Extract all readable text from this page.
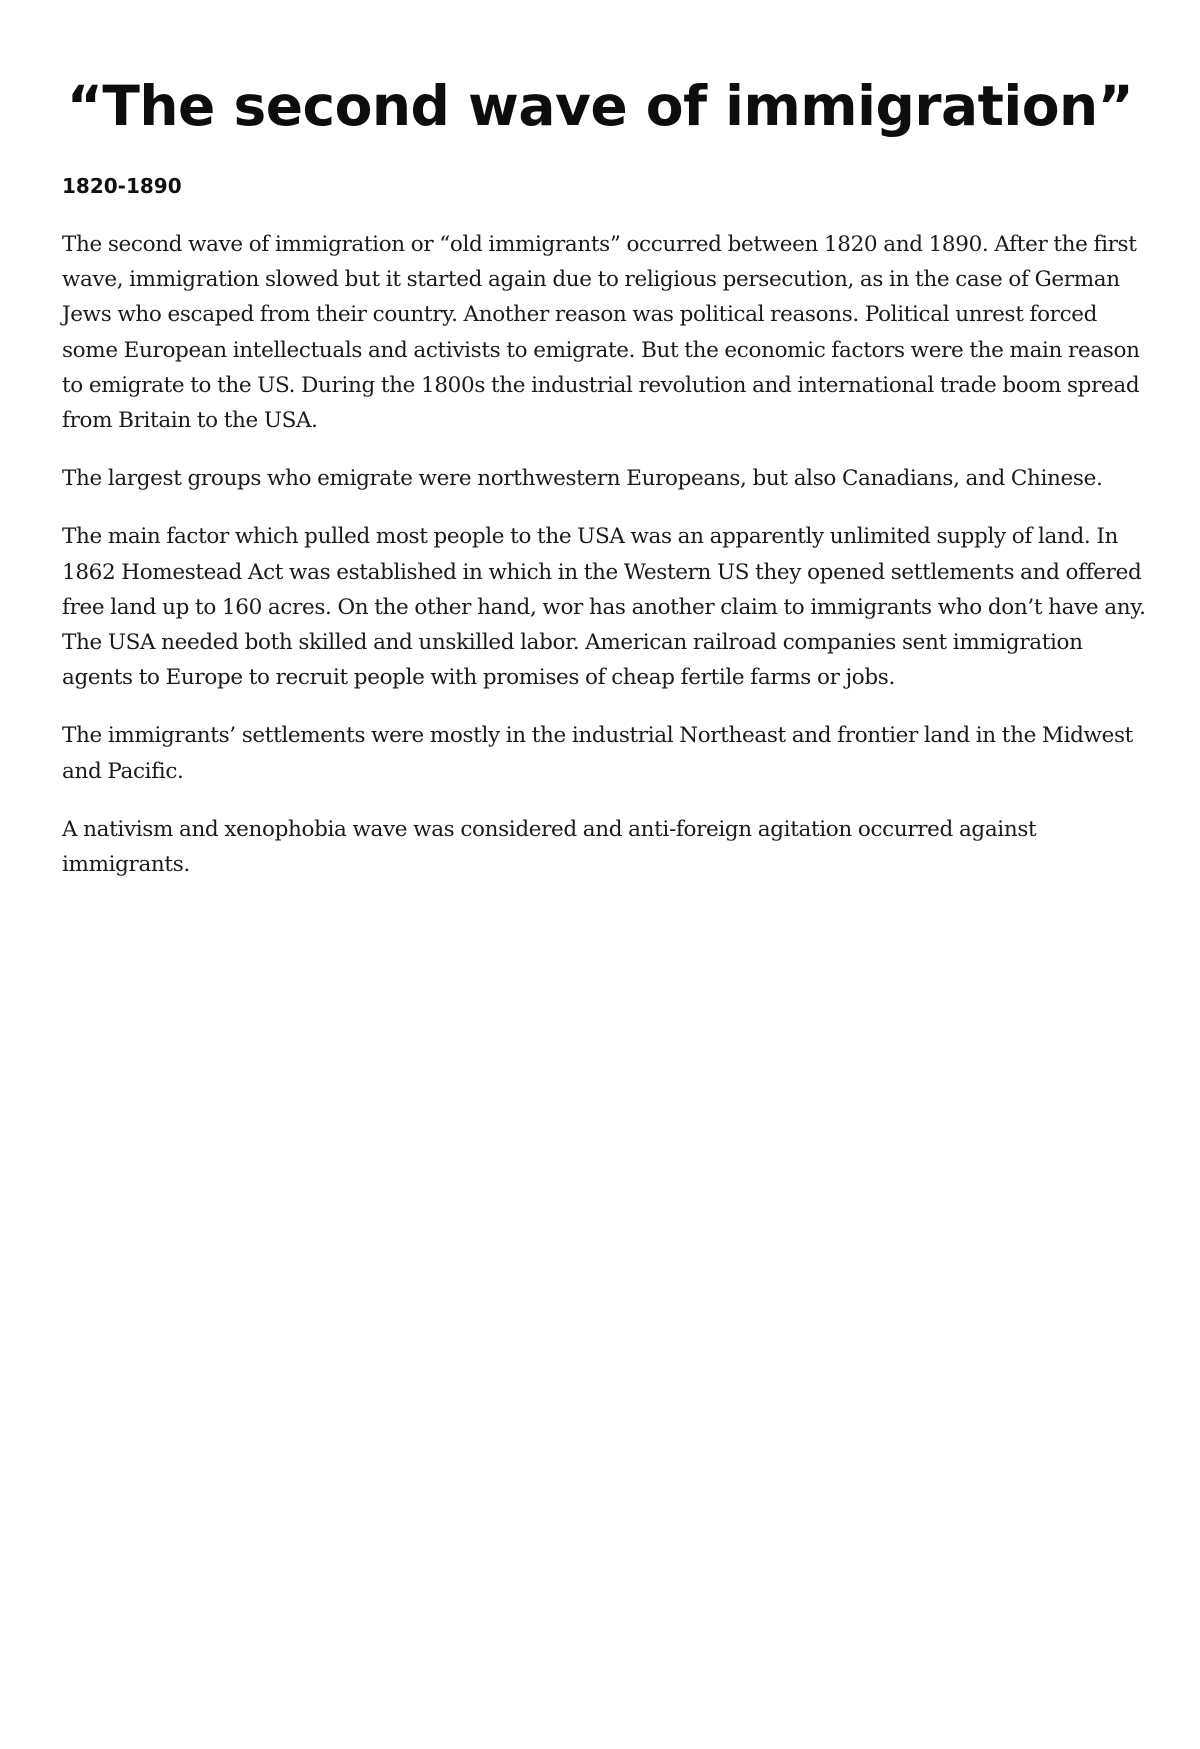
“The second wave of immigration”

1820-1890

The second wave of immigration or “old immigrants” occurred between 1820 and 1890. After the first wave, immigration slowed but it started again due to religious persecution, as in the case of German Jews who escaped from their country. Another reason was political reasons. Political unrest forced some European intellectuals and activists to emigrate. But the economic factors were the main reason to emigrate to the US. During the 1800s the industrial revolution and international trade boom spread from Britain to the USA.

The largest groups who emigrate were northwestern Europeans, but also Canadians, and Chinese.

The main factor which pulled most people to the USA was an apparently unlimited supply of land. In 1862 Homestead Act was established in which in the Western US they opened settlements and offered free land up to 160 acres. On the other hand, wor has another claim to immigrants who don’t have any. The USA needed both skilled and unskilled labor. American railroad companies sent immigration agents to Europe to recruit people with promises of cheap fertile farms or jobs.

The immigrants’ settlements were mostly in the industrial Northeast and frontier land in the Midwest and Pacific.

A nativism and xenophobia wave was considered and anti-foreign agitation occurred against immigrants.
